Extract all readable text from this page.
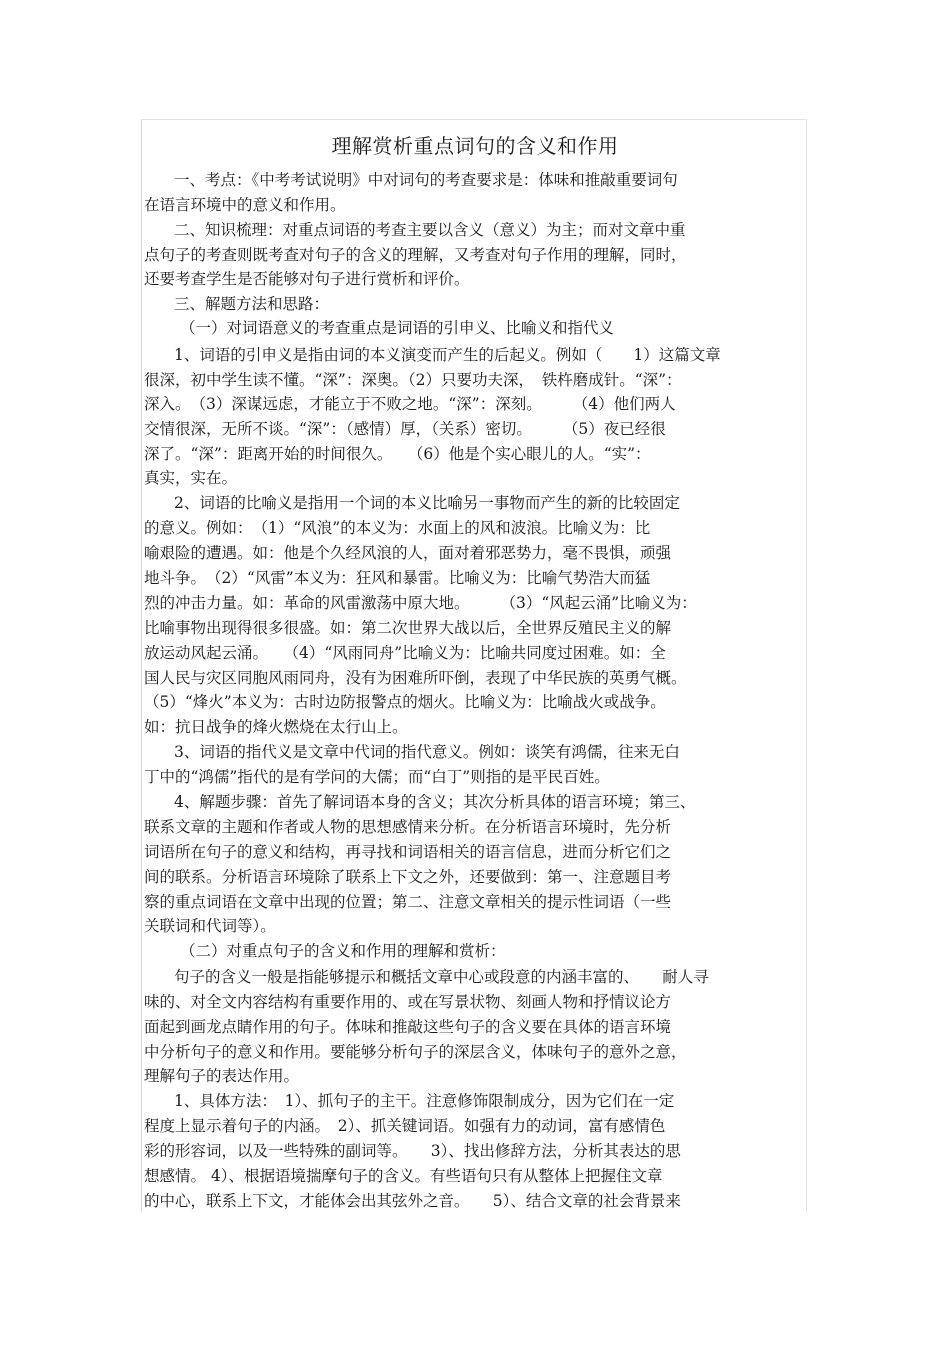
理解赏析重点词句的含义和作用
一、考点：《中考考试说明》中对词句的考查要求是：体味和推敲重要词句
在语言环境中的意义和作用。
二、知识梳理：对重点词语的考查主要以含义（意义）为主；而对文章中重
点句子的考查则既考查对句子的含义的理解，又考查对句子作用的理解，同时，
还要考查学生是否能够对句子进行赏析和评价。
三、解题方法和思路：
（一）对词语意义的考查重点是词语的引申义、比喻义和指代义
1、词语的引申义是指由词的本义演变而产生的后起义。例如（　　1）这篇文章
很深，初中学生读不懂。“深”：深奥。（2）只要功夫深，　铁杵磨成针。“深”：
深入。　（3）深谋远虑，才能立于不败之地。“深”：深刻。　　　（4）他们两人
交情很深，无所不谈。“深”：（感情）厚，（关系）密切。　　　（5）夜已经很
深了。“深”：距离开始的时间很久。　　（6）他是个实心眼儿的人。“实”：
真实，实在。
2、词语的比喻义是指用一个词的本义比喻另一事物而产生的新的比较固定
的意义。例如：　（1）“风浪”的本义为：水面上的风和波浪。比喻义为：比
喻艰险的遭遇。如：他是个久经风浪的人，面对着邪恶势力，毫不畏惧，顽强
地斗争。　（2）“风雷”本义为：狂风和暴雷。比喻义为：比喻气势浩大而猛
烈的冲击力量。如：革命的风雷激荡中原大地。　　　（3）“风起云涌”比喻义为：
比喻事物出现得很多很盛。如：第二次世界大战以后，全世界反殖民主义的解
放运动风起云涌。　　（4）“风雨同舟”比喻义为：比喻共同度过困难。如：全
国人民与灾区同胞风雨同舟，没有为困难所吓倒，表现了中华民族的英勇气概。
（5）“烽火”本义为：古时边防报警点的烟火。比喻义为：比喻战火或战争。
如：抗日战争的烽火燃烧在太行山上。
3、词语的指代义是文章中代词的指代意义。例如：谈笑有鸿儒，往来无白
丁中的“鸿儒”指代的是有学问的大儒；而“白丁”则指的是平民百姓。
4、解题步骤：首先了解词语本身的含义；其次分析具体的语言环境；第三、
联系文章的主题和作者或人物的思想感情来分析。在分析语言环境时，先分析
词语所在句子的意义和结构，再寻找和词语相关的语言信息，进而分析它们之
间的联系。分析语言环境除了联系上下文之外，还要做到：第一、注意题目考
察的重点词语在文章中出现的位置；第二、注意文章相关的提示性词语（一些
关联词和代词等）。
（二）对重点句子的含义和作用的理解和赏析：
句子的含义一般是指能够提示和概括文章中心或段意的内涵丰富的、　　耐人寻
味的、对全文内容结构有重要作用的、或在写景状物、刻画人物和抒情议论方
面起到画龙点睛作用的句子。体味和推敲这些句子的含义要在具体的语言环境
中分析句子的意义和作用。要能够分析句子的深层含义，体味句子的意外之意，
理解句子的表达作用。
1、具体方法：　1）、抓句子的主干。注意修饰限制成分，因为它们在一定
程度上显示着句子的内涵。　2）、抓关键词语。如强有力的动词，富有感情色
彩的形容词，以及一些特殊的副词等。　　3）、找出修辞方法，分析其表达的思
想感情。 4）、根据语境揣摩句子的含义。有些语句只有从整体上把握住文章
的中心，联系上下文，才能体会出其弦外之音。　　5）、结合文章的社会背景来
